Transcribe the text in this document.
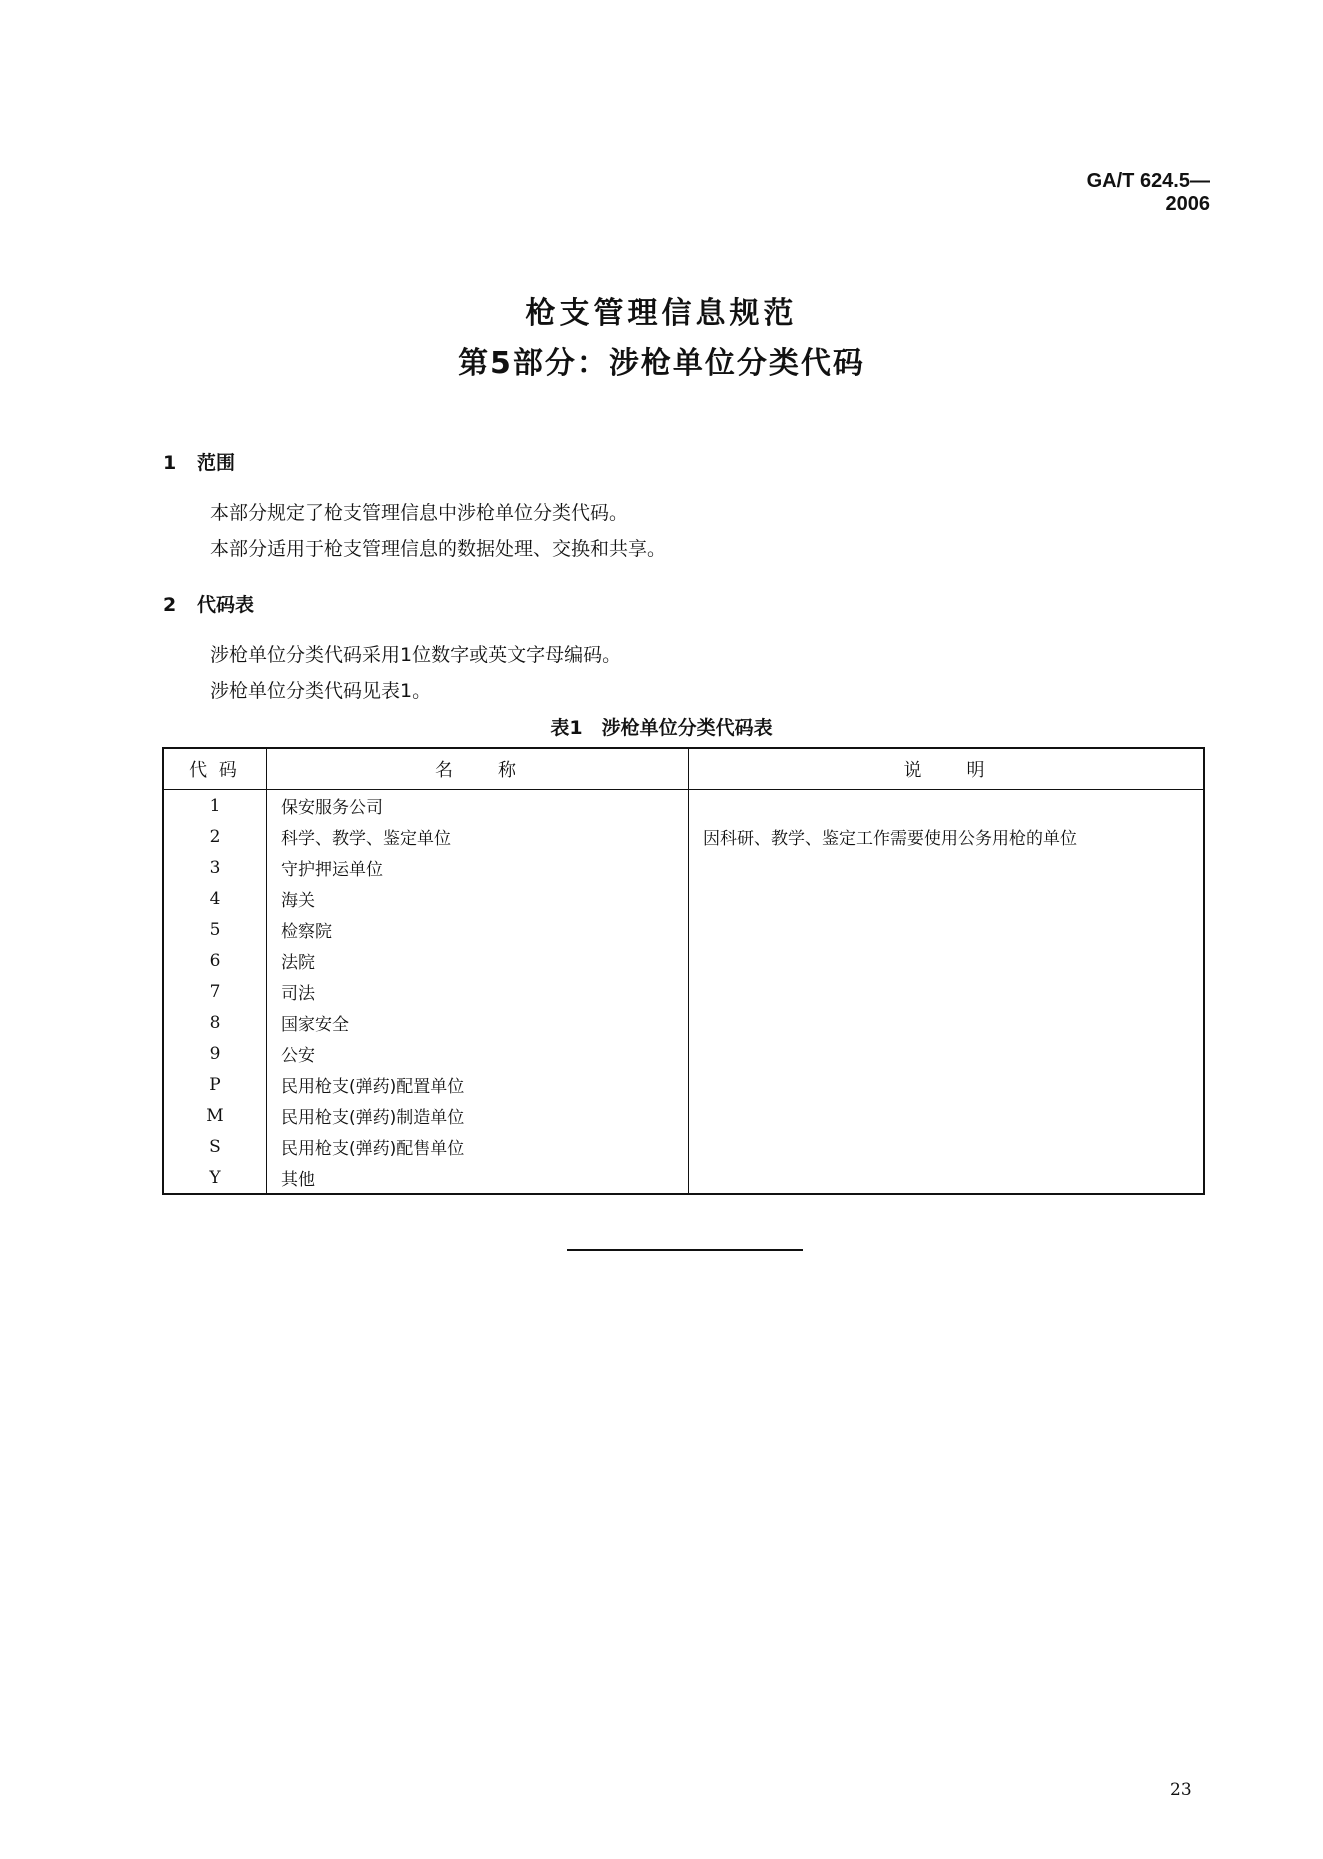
GA/T 624.5—2006
枪支管理信息规范
第5部分：涉枪单位分类代码
1 范围
本部分规定了枪支管理信息中涉枪单位分类代码。
本部分适用于枪支管理信息的数据处理、交换和共享。
2 代码表
涉枪单位分类代码采用1位数字或英文字母编码。
涉枪单位分类代码见表1。
表1　涉枪单位分类代码表
代 码	名　　称	说　　明
1	保安服务公司	
2	科学、教学、鉴定单位	因科研、教学、鉴定工作需要使用公务用枪的单位
3	守护押运单位	
4	海关	
5	检察院	
6	法院	
7	司法	
8	国家安全	
9	公安	
P	民用枪支(弹药)配置单位	
M	民用枪支(弹药)制造单位	
S	民用枪支(弹药)配售单位	
Y	其他	
23
